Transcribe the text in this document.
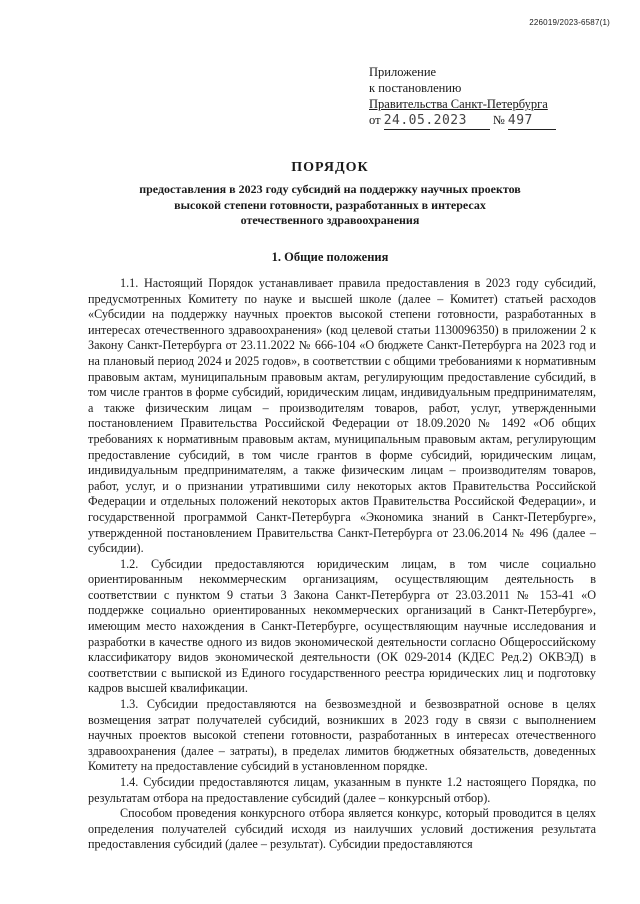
226019/2023-6587(1)
Приложение
к постановлению
Правительства Санкт-Петербурга
от 24.05.2023 № 497
ПОРЯДОК
предоставления в 2023 году субсидий на поддержку научных проектов
высокой степени готовности, разработанных в интересах
отечественного здравоохранения
1. Общие положения

1.1. Настоящий Порядок устанавливает правила предоставления в 2023 году субсидий, предусмотренных Комитету по науке и высшей школе (далее – Комитет) статьей расходов «Субсидии на поддержку научных проектов высокой степени готовности, разработанных в интересах отечественного здравоохранения» (код целевой статьи 1130096350) в приложении 2 к Закону Санкт-Петербурга от 23.11.2022 № 666-104 «О бюджете Санкт-Петербурга на 2023 год и на плановый период 2024 и 2025 годов», в соответствии с общими требованиями к нормативным правовым актам, муниципальным правовым актам, регулирующим предоставление субсидий, в том числе грантов в форме субсидий, юридическим лицам, индивидуальным предпринимателям, а также физическим лицам – производителям товаров, работ, услуг, утвержденными постановлением Правительства Российской Федерации от 18.09.2020 № 1492 «Об общих требованиях к нормативным правовым актам, муниципальным правовым актам, регулирующим предоставление субсидий, в том числе грантов в форме субсидий, юридическим лицам, индивидуальным предпринимателям, а также физическим лицам – производителям товаров, работ, услуг, и о признании утратившими силу некоторых актов Правительства Российской Федерации и отдельных положений некоторых актов Правительства Российской Федерации», и государственной программой Санкт-Петербурга «Экономика знаний в Санкт-Петербурге», утвержденной постановлением Правительства Санкт-Петербурга от 23.06.2014 № 496 (далее – субсидии).

1.2. Субсидии предоставляются юридическим лицам, в том числе социально ориентированным некоммерческим организациям, осуществляющим деятельность в соответствии с пунктом 9 статьи 3 Закона Санкт-Петербурга от 23.03.2011 № 153-41 «О поддержке социально ориентированных некоммерческих организаций в Санкт-Петербурге», имеющим место нахождения в Санкт-Петербурге, осуществляющим научные исследования и разработки в качестве одного из видов экономической деятельности согласно Общероссийскому классификатору видов экономической деятельности (ОК 029-2014 (КДЕС Ред.2) ОКВЭД) в соответствии с выпиской из Единого государственного реестра юридических лиц и подготовку кадров высшей квалификации.

1.3. Субсидии предоставляются на безвозмездной и безвозвратной основе в целях возмещения затрат получателей субсидий, возникших в 2023 году в связи с выполнением научных проектов высокой степени готовности, разработанных в интересах отечественного здравоохранения (далее – затраты), в пределах лимитов бюджетных обязательств, доведенных Комитету на предоставление субсидий в установленном порядке.

1.4. Субсидии предоставляются лицам, указанным в пункте 1.2 настоящего Порядка, по результатам отбора на предоставление субсидий (далее – конкурсный отбор).

Способом проведения конкурсного отбора является конкурс, который проводится в целях определения получателей субсидий исходя из наилучших условий достижения результата предоставления субсидий (далее – результат). Субсидии предоставляются
